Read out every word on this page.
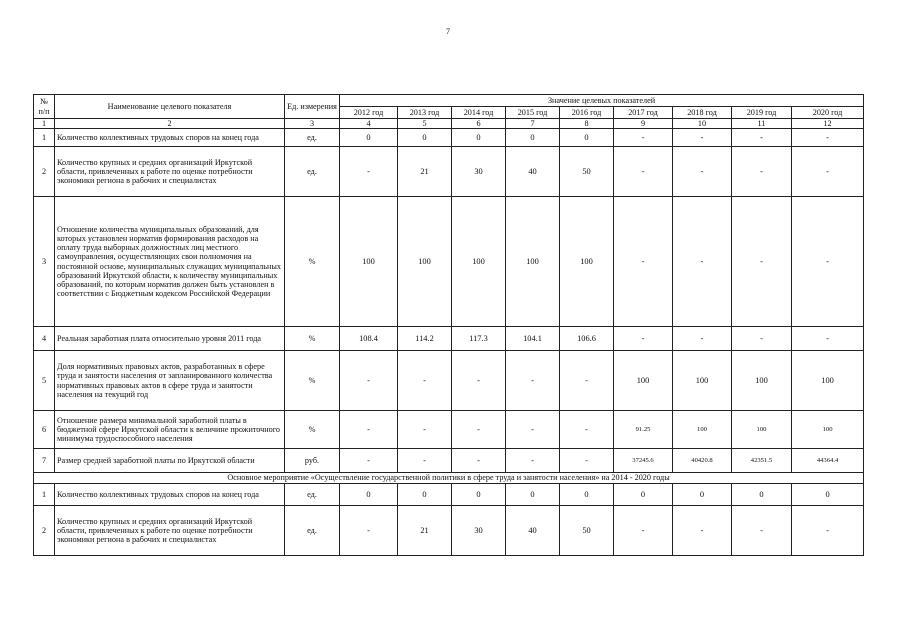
7
№ п/п	Наименование целевого показателя	Ед. измерения	Значение целевых показателей								
			2012 год	2013 год	2014 год	2015 год	2016 год	2017 год	2018 год	2019 год	2020 год
1	2	3	4	5	6	7	8	9	10	11	12
1	Количество коллективных трудовых споров на конец года	ед.	0	0	0	0	0	-	-	-	-
2	Количество крупных и средних организаций Иркутской области, привлеченных к работе по оценке потребности экономики региона в рабочих и специалистах	ед.	-	21	30	40	50	-	-	-	-
3	Отношение количества муниципальных образований, для которых установлен норматив формирования расходов на оплату труда выборных должностных лиц местного самоуправления, осуществляющих свои полномочия на постоянной основе, муниципальных служащих муниципальных образований Иркутской области, к количеству муниципальных образований, по которым норматив должен быть установлен в соответствии с Бюджетным кодексом Российской Федерации	%	100	100	100	100	100	-	-	-	-
4	Реальная заработная плата относительно уровня 2011 года	%	108.4	114.2	117.3	104.1	106.6	-	-	-	-
5	Доля нормативных правовых актов, разработанных в сфере труда и занятости населения от запланированного количества нормативных правовых актов в сфере труда и занятости населения на текущий год	%	-	-	-	-	-	100	100	100	100
6	Отношение размера минимальной заработной платы в бюджетной сфере Иркутской области к величине прожиточного минимума трудоспособного населения	%	-	-	-	-	-	91.25	100	100	100
7	Размер средней заработной платы по Иркутской области	руб.	-	-	-	-	-	37245.6	40420.8	42351.5	44364.4
Основное мероприятие «Осуществление государственной политики в сфере труда и занятости населения» на 2014 - 2020 годы											
1	Количество коллективных трудовых споров на конец года	ед.	0	0	0	0	0	0	0	0	0
2	Количество крупных и средних организаций Иркутской области, привлеченных к работе по оценке потребности экономики региона в рабочих и специалистах	ед.	-	21	30	40	50	-	-	-	-
